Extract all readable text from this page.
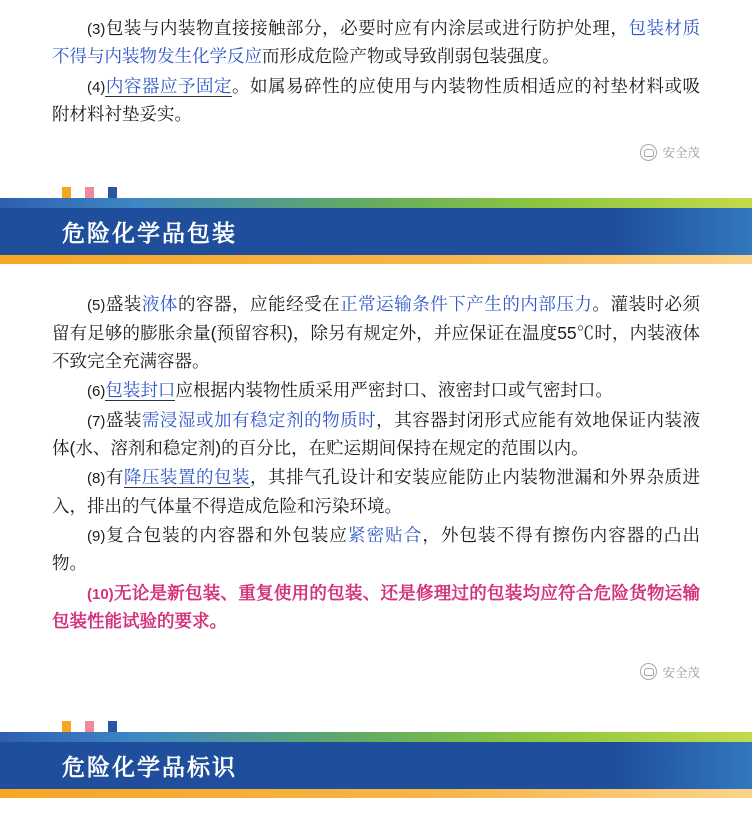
(3)包装与内装物直接接触部分，必要时应有内涂层或进行防护处理，包装材质不得与内装物发生化学反应而形成危险产物或导致削弱包装强度。

(4)内容器应予固定。如属易碎性的应使用与内装物性质相适应的衬垫材料或吸附材料衬垫妥实。

安全茂
危险化学品包装

(5)盛装液体的容器，应能经受在正常运输条件下产生的内部压力。灌装时必须留有足够的膨胀余量(预留容积)，除另有规定外，并应保证在温度55℃时，内装液体不致完全充满容器。

(6)包装封口应根据内装物性质采用严密封口、液密封口或气密封口。

(7)盛装需浸湿或加有稳定剂的物质时，其容器封闭形式应能有效地保证内装液体(水、溶剂和稳定剂)的百分比，在贮运期间保持在规定的范围以内。

(8)有降压装置的包装，其排气孔设计和安装应能防止内装物泄漏和外界杂质进入，排出的气体量不得造成危险和污染环境。

(9)复合包装的内容器和外包装应紧密贴合，外包装不得有擦伤内容器的凸出物。

(10)无论是新包装、重复使用的包装、还是修理过的包装均应符合危险货物运输包装性能试验的要求。

安全茂
危险化学品标识
